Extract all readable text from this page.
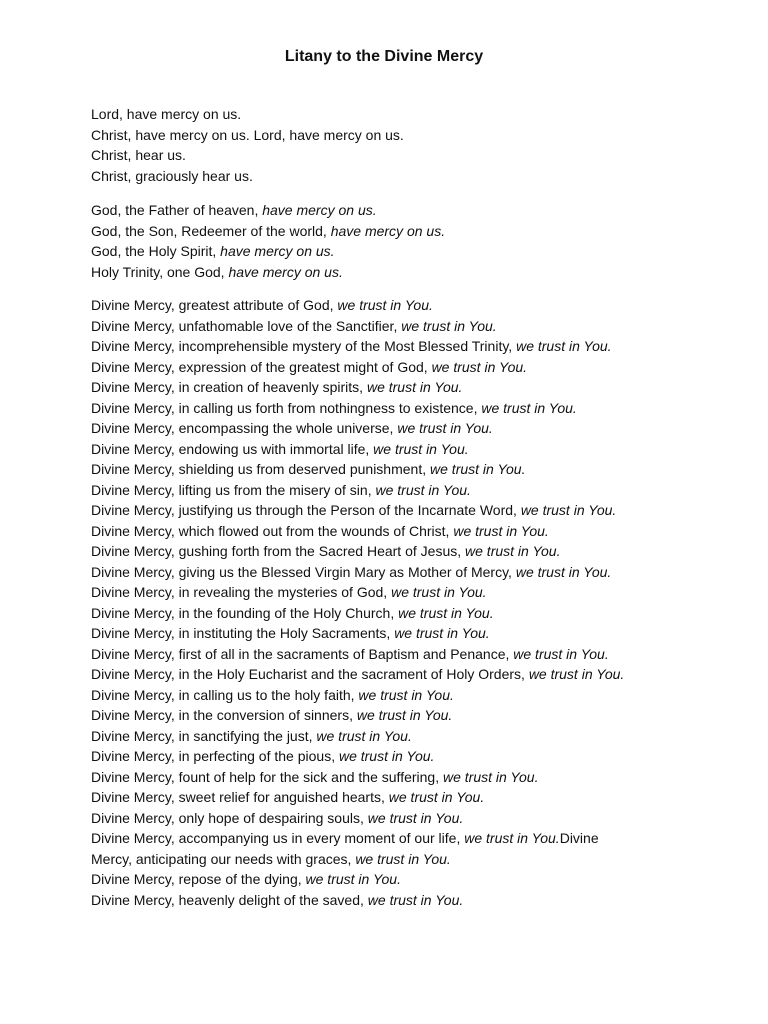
Litany to the Divine Mercy
Lord, have mercy on us.
Christ, have mercy on us. Lord, have mercy on us.
Christ, hear us.
Christ, graciously hear us.
God, the Father of heaven, have mercy on us.
God, the Son, Redeemer of the world, have mercy on us.
God, the Holy Spirit, have mercy on us.
Holy Trinity, one God, have mercy on us.
Divine Mercy, greatest attribute of God, we trust in You.
Divine Mercy, unfathomable love of the Sanctifier, we trust in You.
Divine Mercy, incomprehensible mystery of the Most Blessed Trinity, we trust in You.
Divine Mercy, expression of the greatest might of God, we trust in You.
Divine Mercy, in creation of heavenly spirits, we trust in You.
Divine Mercy, in calling us forth from nothingness to existence, we trust in You.
Divine Mercy, encompassing the whole universe, we trust in You.
Divine Mercy, endowing us with immortal life, we trust in You.
Divine Mercy, shielding us from deserved punishment, we trust in You.
Divine Mercy, lifting us from the misery of sin, we trust in You.
Divine Mercy, justifying us through the Person of the Incarnate Word, we trust in You.
Divine Mercy, which flowed out from the wounds of Christ, we trust in You.
Divine Mercy, gushing forth from the Sacred Heart of Jesus, we trust in You.
Divine Mercy, giving us the Blessed Virgin Mary as Mother of Mercy, we trust in You.
Divine Mercy, in revealing the mysteries of God, we trust in You.
Divine Mercy, in the founding of the Holy Church, we trust in You.
Divine Mercy, in instituting the Holy Sacraments, we trust in You.
Divine Mercy, first of all in the sacraments of Baptism and Penance, we trust in You.
Divine Mercy, in the Holy Eucharist and the sacrament of Holy Orders, we trust in You.
Divine Mercy, in calling us to the holy faith, we trust in You.
Divine Mercy, in the conversion of sinners, we trust in You.
Divine Mercy, in sanctifying the just, we trust in You.
Divine Mercy, in perfecting of the pious, we trust in You.
Divine Mercy, fount of help for the sick and the suffering, we trust in You.
Divine Mercy, sweet relief for anguished hearts, we trust in You.
Divine Mercy, only hope of despairing souls, we trust in You.
Divine Mercy, accompanying us in every moment of our life, we trust in You.Divine
Mercy, anticipating our needs with graces, we trust in You.
Divine Mercy, repose of the dying, we trust in You.
Divine Mercy, heavenly delight of the saved, we trust in You.
